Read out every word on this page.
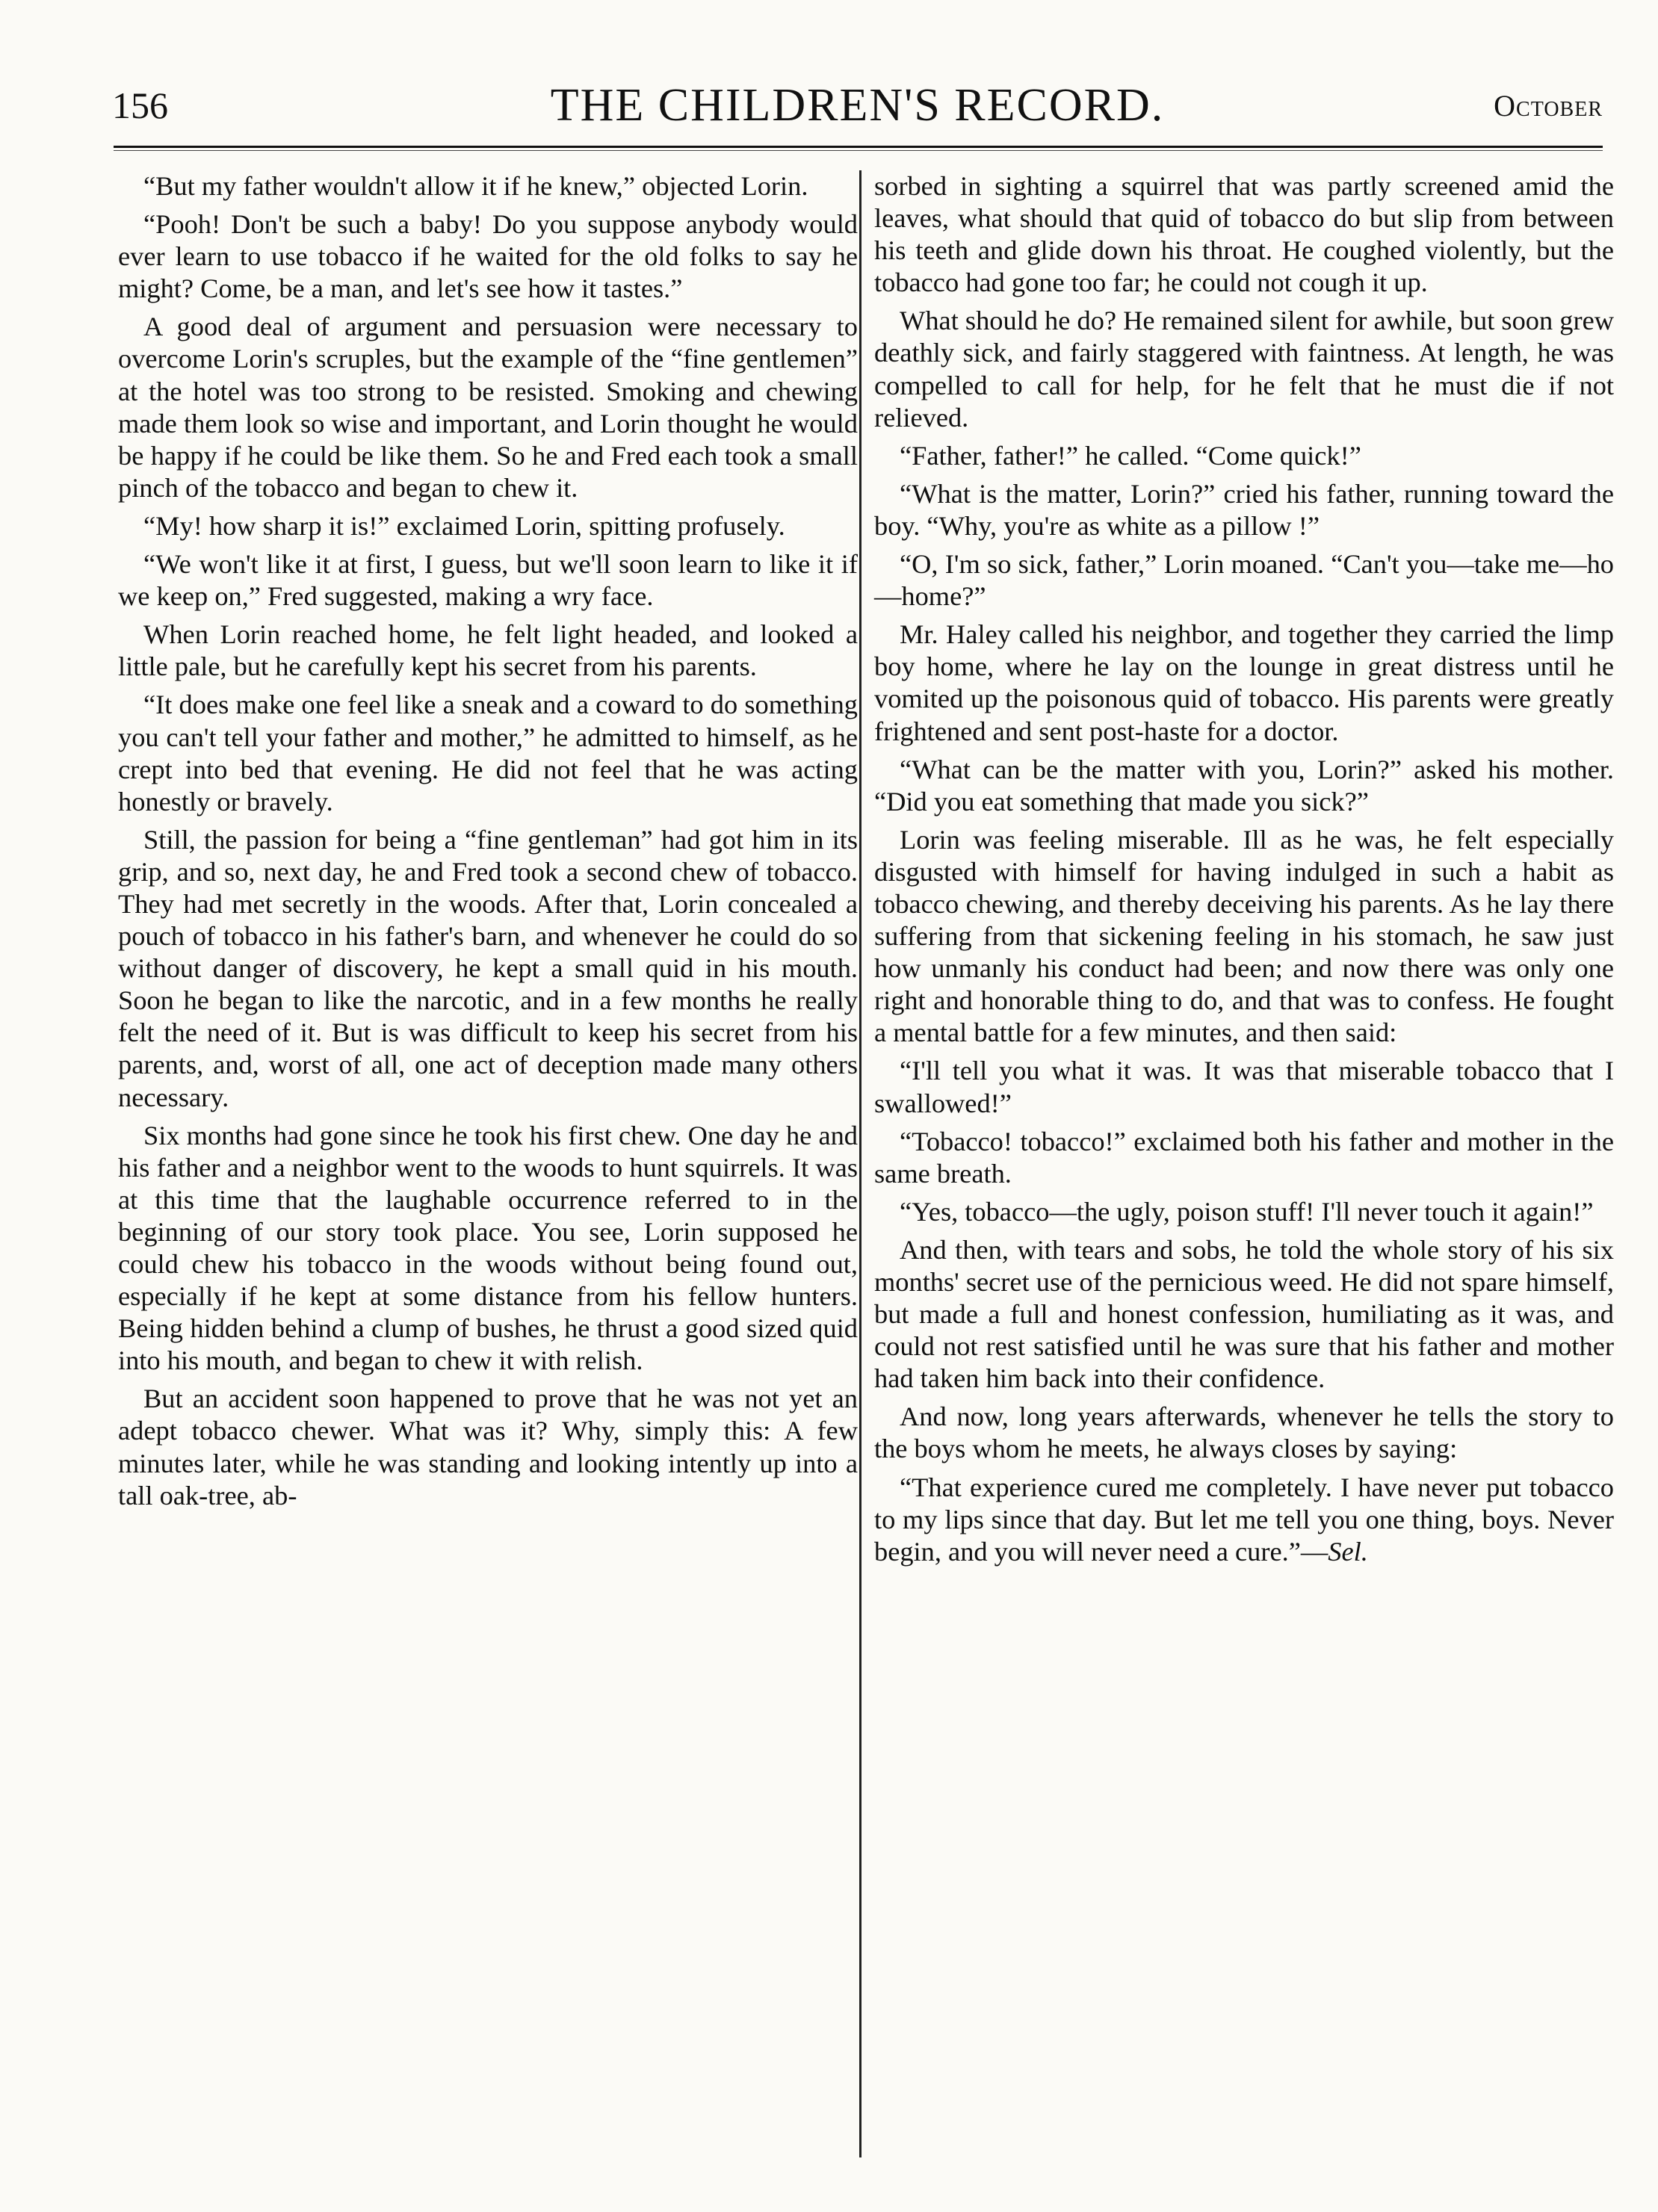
156	THE CHILDREN'S RECORD.	October

“But my father wouldn't allow it if he knew,” objected Lorin.

“Pooh! Don't be such a baby! Do you suppose anybody would ever learn to use tobacco if he waited for the old folks to say he might? Come, be a man, and let's see how it tastes.”

A good deal of argument and persuasion were necessary to overcome Lorin's scruples, but the example of the “fine gentlemen” at the hotel was too strong to be resisted. Smoking and chewing made them look so wise and important, and Lorin thought he would be happy if he could be like them. So he and Fred each took a small pinch of the tobacco and began to chew it.

“My! how sharp it is!” exclaimed Lorin, spitting profusely.

“We won't like it at first, I guess, but we'll soon learn to like it if we keep on,” Fred suggested, making a wry face.

When Lorin reached home, he felt light headed, and looked a little pale, but he carefully kept his secret from his parents.

“It does make one feel like a sneak and a coward to do something you can't tell your father and mother,” he admitted to himself, as he crept into bed that evening. He did not feel that he was acting honestly or bravely.

Still, the passion for being a “fine gentleman” had got him in its grip, and so, next day, he and Fred took a second chew of tobacco. They had met secretly in the woods. After that, Lorin concealed a pouch of tobacco in his father's barn, and whenever he could do so without danger of discovery, he kept a small quid in his mouth. Soon he began to like the narcotic, and in a few months he really felt the need of it. But is was difficult to keep his secret from his parents, and, worst of all, one act of deception made many others necessary.

Six months had gone since he took his first chew. One day he and his father and a neighbor went to the woods to hunt squirrels. It was at this time that the laughable occurrence referred to in the beginning of our story took place. You see, Lorin supposed he could chew his tobacco in the woods without being found out, especially if he kept at some distance from his fellow hunters. Being hidden behind a clump of bushes, he thrust a good sized quid into his mouth, and began to chew it with relish.

But an accident soon happened to prove that he was not yet an adept tobacco chewer. What was it? Why, simply this: A few minutes later, while he was standing and looking intently up into a tall oak-tree, ab-

sorbed in sighting a squirrel that was partly screened amid the leaves, what should that quid of tobacco do but slip from between his teeth and glide down his throat. He coughed violently, but the tobacco had gone too far; he could not cough it up.

What should he do? He remained silent for awhile, but soon grew deathly sick, and fairly staggered with faintness. At length, he was compelled to call for help, for he felt that he must die if not relieved.

“Father, father!” he called. “Come quick!”

“What is the matter, Lorin?” cried his father, running toward the boy. “Why, you're as white as a pillow !”

“O, I'm so sick, father,” Lorin moaned. “Can't you—take me—ho—home?”

Mr. Haley called his neighbor, and together they carried the limp boy home, where he lay on the lounge in great distress until he vomited up the poisonous quid of tobacco. His parents were greatly frightened and sent post-haste for a doctor.

“What can be the matter with you, Lorin?” asked his mother. “Did you eat something that made you sick?”

Lorin was feeling miserable. Ill as he was, he felt especially disgusted with himself for having indulged in such a habit as tobacco chewing, and thereby deceiving his parents. As he lay there suffering from that sickening feeling in his stomach, he saw just how unmanly his conduct had been; and now there was only one right and honorable thing to do, and that was to confess. He fought a mental battle for a few minutes, and then said:

“I'll tell you what it was. It was that miserable tobacco that I swallowed!”

“Tobacco! tobacco!” exclaimed both his father and mother in the same breath.

“Yes, tobacco—the ugly, poison stuff! I'll never touch it again!”

And then, with tears and sobs, he told the whole story of his six months' secret use of the pernicious weed. He did not spare himself, but made a full and honest confession, humiliating as it was, and could not rest satisfied until he was sure that his father and mother had taken him back into their confidence.

And now, long years afterwards, whenever he tells the story to the boys whom he meets, he always closes by saying:

“That experience cured me completely. I have never put tobacco to my lips since that day. But let me tell you one thing, boys. Never begin, and you will never need a cure.”—Sel.
